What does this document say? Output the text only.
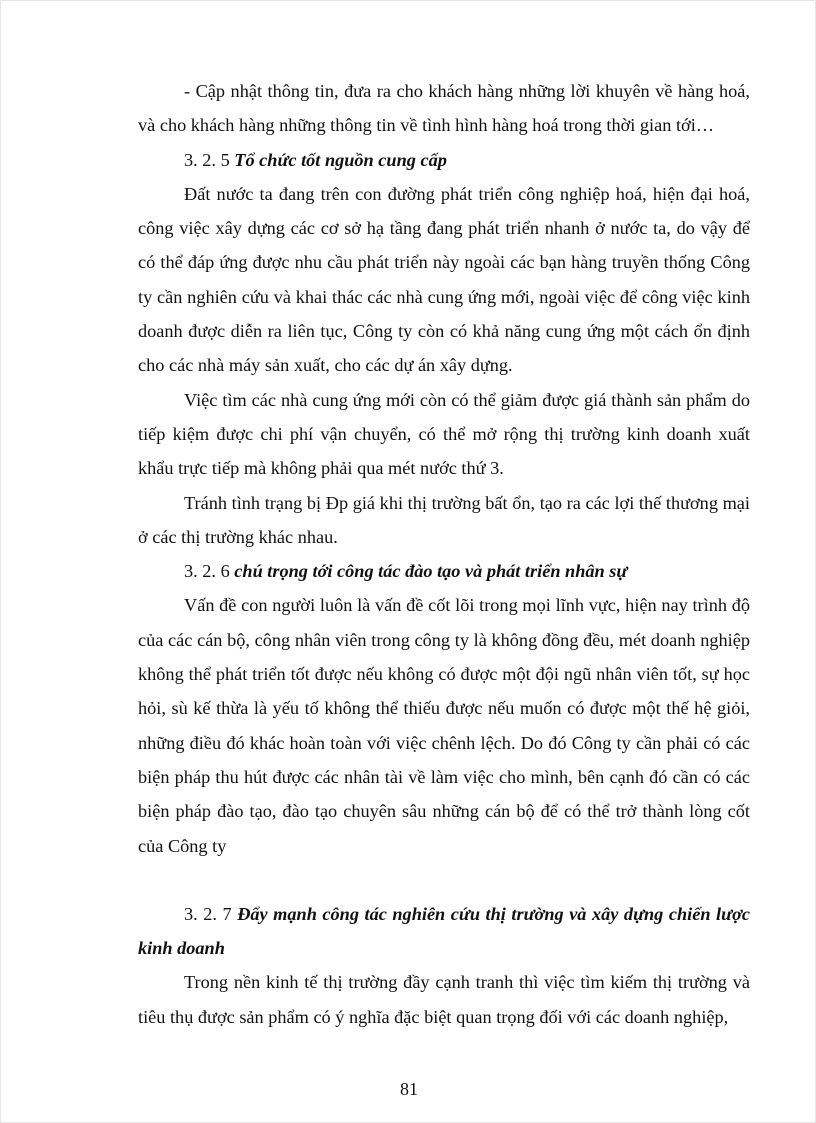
- Cập nhật thông tin, đưa ra cho khách hàng những lời khuyên về hàng hoá, và cho khách hàng những thông tin về tình hình hàng hoá trong thời gian tới…

3. 2. 5 Tổ chức tốt nguồn cung cấp

Đất nước ta đang trên con đường phát triển công nghiệp hoá, hiện đại hoá, công việc xây dựng các cơ sở hạ tầng đang phát triển nhanh ở nước ta, do vậy để có thể đáp ứng được nhu cầu phát triển này ngoài các bạn hàng truyền thống Công ty cần nghiên cứu và khai thác các nhà cung ứng mới, ngoài việc để công việc kinh doanh được diễn ra liên tục, Công ty còn có khả năng cung ứng một cách ổn định cho các nhà máy sản xuất, cho các dự án xây dựng.

Việc tìm các nhà cung ứng mới còn có thể giảm được giá thành sản phẩm do tiếp kiệm được chi phí vận chuyển, có thể mở rộng thị trường kinh doanh xuất khẩu trực tiếp mà không phải qua mét nước thứ 3.

Tránh tình trạng bị Ðp giá khi thị trường bất ổn, tạo ra các lợi thế thương mại ở các thị trường khác nhau.

3. 2. 6 chú trọng tới công tác đào tạo và phát triển nhân sự

Vấn đề con người luôn là vấn đề cốt lõi trong mọi lĩnh vực, hiện nay trình độ của các cán bộ, công nhân viên trong công ty là không đồng đều, mét doanh nghiệp không thể phát triển tốt được nếu không có được một đội ngũ nhân viên tốt, sự học hỏi, sù kế thừa là yếu tố không thể thiếu được nếu muốn có được một thế hệ giỏi, những điều đó khác hoàn toàn với việc chênh lệch. Do đó Công ty cần phải có các biện pháp thu hút được các nhân tài về làm việc cho mình, bên cạnh đó cần có các biện pháp đào tạo, đào tạo chuyên sâu những cán bộ để có thể trở thành lòng cốt của Công ty

3. 2. 7 Đẩy mạnh công tác nghiên cứu thị trường và xây dựng chiến lược kinh doanh

Trong nền kinh tế thị trường đầy cạnh tranh thì việc tìm kiếm thị trường và tiêu thụ được sản phẩm có ý nghĩa đặc biệt quan trọng đối với các doanh nghiệp,

81
